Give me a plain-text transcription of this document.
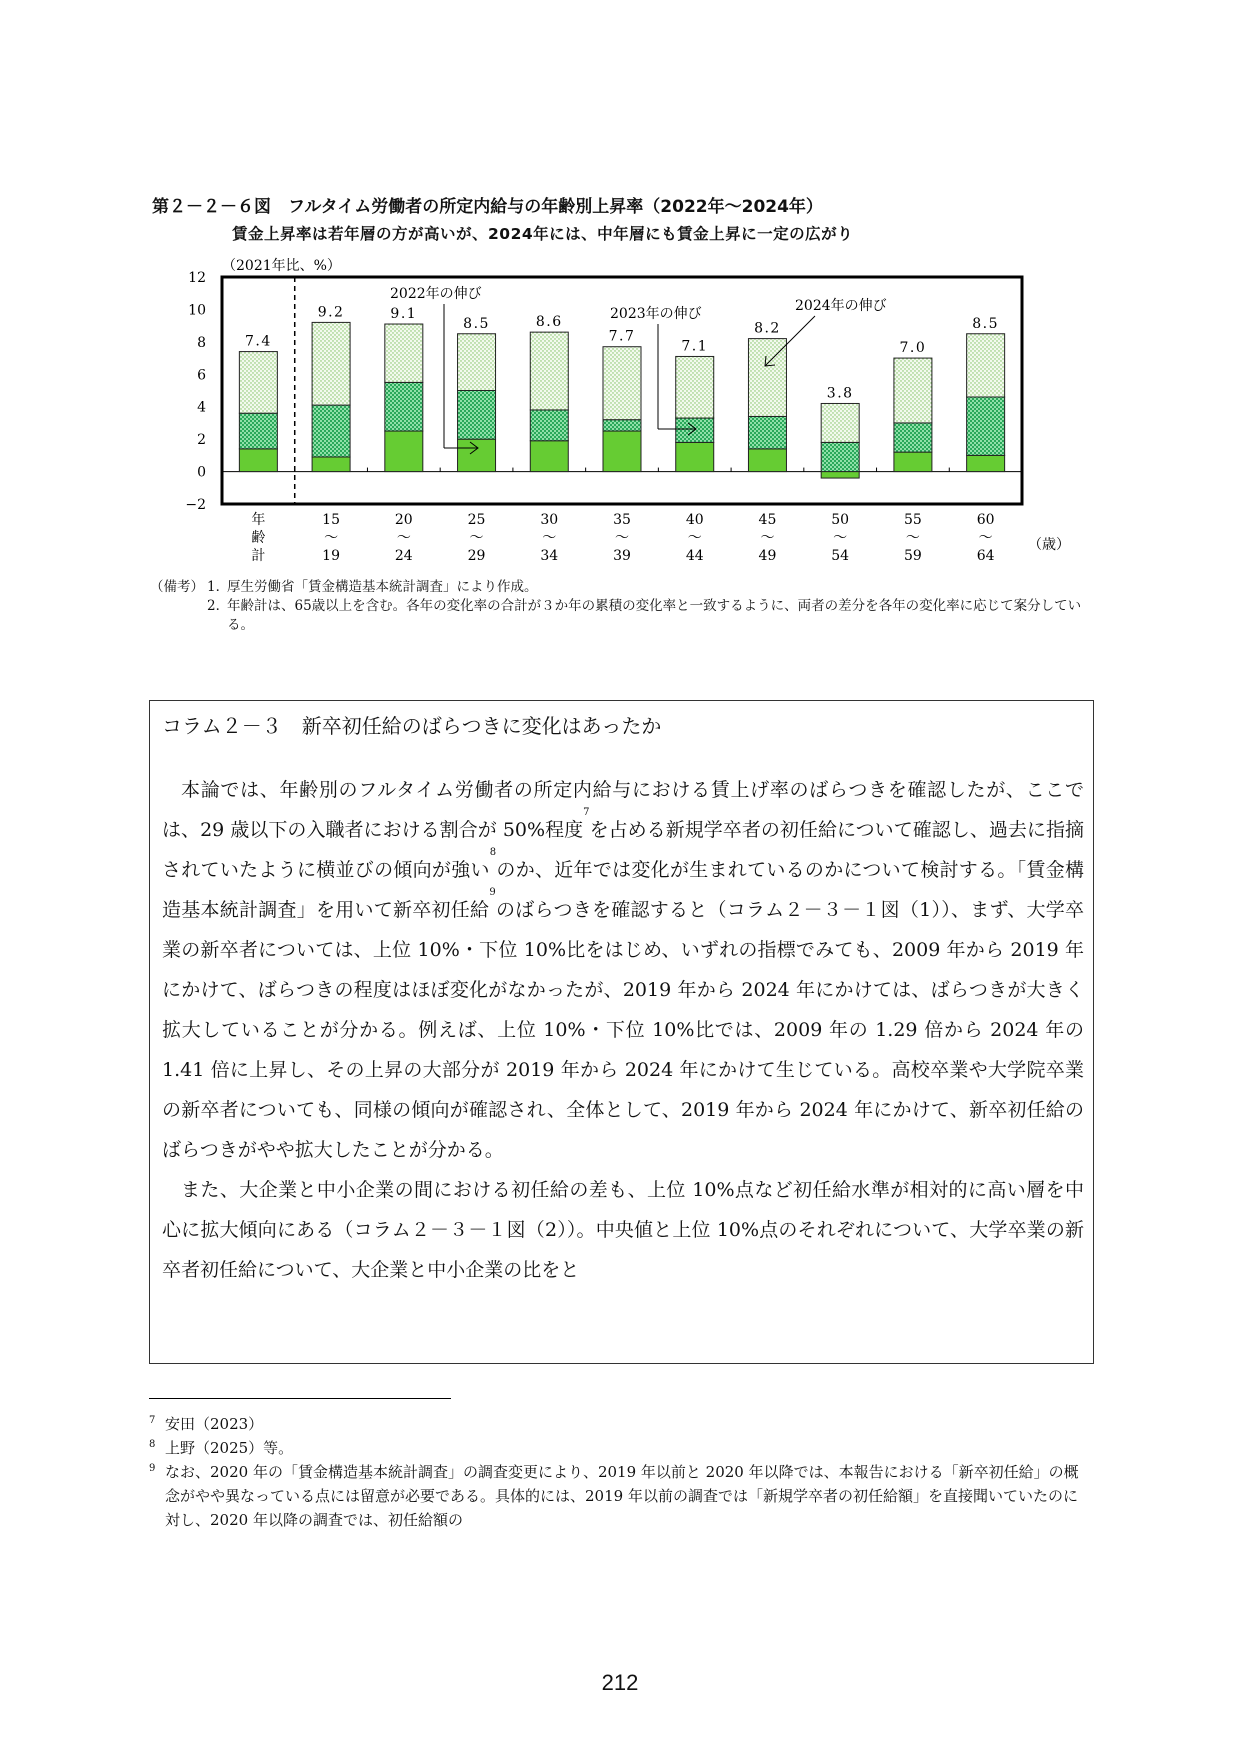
第２－２－６図　フルタイム労働者の所定内給与の年齢別上昇率（2022年～2024年）
賃金上昇率は若年層の方が高いが、2024年には、中年層にも賃金上昇に一定の広がり
12
10
8
6
4
2
0
−2
（2021年比、%）
7.4
年
齢
計
9.2
15
〜
19
9.1
20
〜
24
8.5
25
〜
29
8.6
30
〜
34
7.7
35
〜
39
7.1
40
〜
44
8.2
45
〜
49
3.8
50
〜
54
7.0
55
〜
59
8.5
60
〜
64
（歳）
2022年の伸び
2023年の伸び	2024年の伸び
（備考） 1．
厚生労働省「賃金構造基本統計調査」により作成。
2．
年齢計は、65歳以上を含む。各年の変化率の合計が３か年の累積の変化率と一致するように、両者の差分を各年の変化率に応じて案分している。
コラム２－３　新卒初任給のばらつきに変化はあったか

本論では、年齢別のフルタイム労働者の所定内給与における賃上げ率のばらつきを確認したが、ここでは、29 歳以下の入職者における割合が 50%程度$^7$を占める新規学卒者の初任給について確認し、過去に指摘されていたように横並びの傾向が強い$^8$のか、近年では変化が生まれているのかについて検討する。「賃金構造基本統計調査」を用いて新卒初任給$^9$のばらつきを確認すると（コラム２－３－１図（1））、まず、大学卒業の新卒者については、上位 10%・下位 10%比をはじめ、いずれの指標でみても、2009 年から 2019 年にかけて、ばらつきの程度はほぼ変化がなかったが、2019 年から 2024 年にかけては、ばらつきが大きく拡大していることが分かる。例えば、上位 10%・下位 10%比では、2009 年の 1.29 倍から 2024 年の 1.41 倍に上昇し、その上昇の大部分が 2019 年から 2024 年にかけて生じている。高校卒業や大学院卒業の新卒者についても、同様の傾向が確認され、全体として、2019 年から 2024 年にかけて、新卒初任給のばらつきがやや拡大したことが分かる。

また、大企業と中小企業の間における初任給の差も、上位 10%点など初任給水準が相対的に高い層を中心に拡大傾向にある（コラム２－３－１図（2））。中央値と上位 10%点のそれぞれについて、大学卒業の新卒者初任給について、大企業と中小企業の比をと

7 安田（2023）
8 上野（2025）等。
9 なお、2020 年の「賃金構造基本統計調査」の調査変更により、2019 年以前と 2020 年以降では、本報告における「新卒初任給」の概念がやや異なっている点には留意が必要である。具体的には、2019 年以前の調査では「新規学卒者の初任給額」を直接聞いていたのに対し、2020 年以降の調査では、初任給額の
212
